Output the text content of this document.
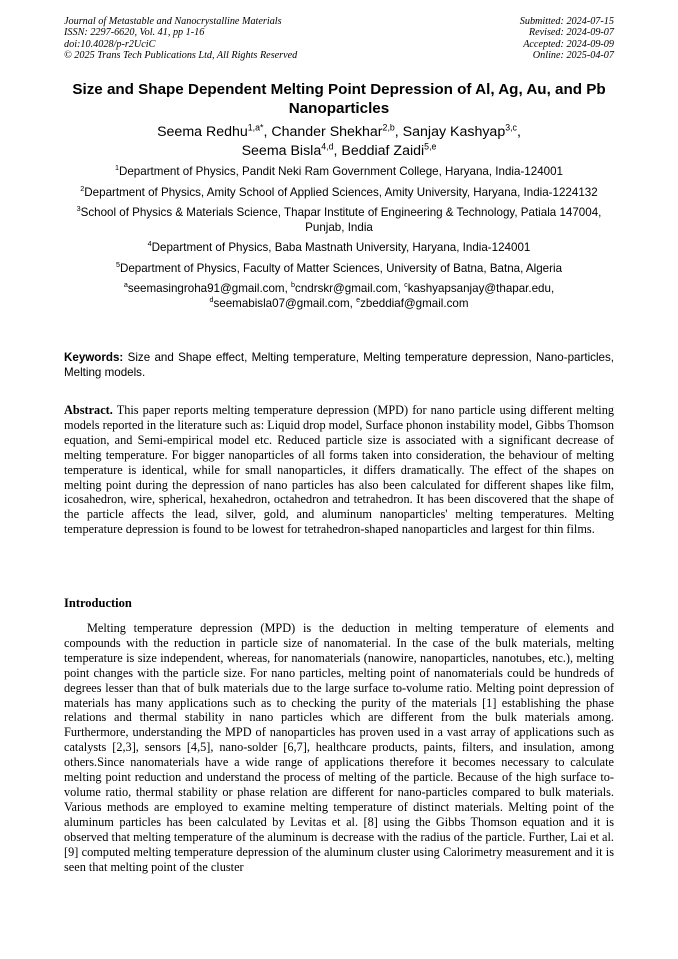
Journal of Metastable and Nanocrystalline Materials
ISSN: 2297-6620, Vol. 41, pp 1-16
doi:10.4028/p-r2UciC
© 2025 Trans Tech Publications Ltd, All Rights Reserved
Submitted: 2024-07-15
Revised: 2024-09-07
Accepted: 2024-09-09
Online: 2025-04-07
Size and Shape Dependent Melting Point Depression of Al, Ag, Au, and Pb Nanoparticles
Seema Redhu$^{1,a*}$, Chander Shekhar$^{2,b}$, Sanjay Kashyap$^{3,c}$,
Seema Bisla$^{4,d}$, Beddiaf Zaidi$^{5,e}$
$^1$Department of Physics, Pandit Neki Ram Government College, Haryana, India-124001
$^2$Department of Physics, Amity School of Applied Sciences, Amity University, Haryana, India-1224132
$^3$School of Physics & Materials Science, Thapar Institute of Engineering & Technology, Patiala 147004, Punjab, India
$^4$Department of Physics, Baba Mastnath University, Haryana, India-124001
$^5$Department of Physics, Faculty of Matter Sciences, University of Batna, Batna, Algeria
$^a$seemasingroha91@gmail.com, $^b$cndrskr@gmail.com, $^c$kashyapsanjay@thapar.edu,
$^d$seemabisla07@gmail.com, $^e$zbeddiaf@gmail.com
Keywords: Size and Shape effect, Melting temperature, Melting temperature depression, Nano-particles, Melting models.
Abstract. This paper reports melting temperature depression (MPD) for nano particle using different melting models reported in the literature such as: Liquid drop model, Surface phonon instability model, Gibbs Thomson equation, and Semi-empirical model etc. Reduced particle size is associated with a significant decrease of melting temperature. For bigger nanoparticles of all forms taken into consideration, the behaviour of melting temperature is identical, while for small nanoparticles, it differs dramatically. The effect of the shapes on melting point during the depression of nano particles has also been calculated for different shapes like film, icosahedron, wire, spherical, hexahedron, octahedron and tetrahedron. It has been discovered that the shape of the particle affects the lead, silver, gold, and aluminum nanoparticles' melting temperatures. Melting temperature depression is found to be lowest for tetrahedron-shaped nanoparticles and largest for thin films.
Introduction
Melting temperature depression (MPD) is the deduction in melting temperature of elements and compounds with the reduction in particle size of nanomaterial. In the case of the bulk materials, melting temperature is size independent, whereas, for nanomaterials (nanowire, nanoparticles, nanotubes, etc.), melting point changes with the particle size. For nano particles, melting point of nanomaterials could be hundreds of degrees lesser than that of bulk materials due to the large surface to-volume ratio. Melting point depression of materials has many applications such as to checking the purity of the materials [1] establishing the phase relations and thermal stability in nano particles which are different from the bulk materials among. Furthermore, understanding the MPD of nanoparticles has proven used in a vast array of applications such as catalysts [2,3], sensors [4,5], nano-solder [6,7], healthcare products, paints, filters, and insulation, among others.Since nanomaterials have a wide range of applications therefore it becomes necessary to calculate melting point reduction and understand the process of melting of the particle. Because of the high surface to-volume ratio, thermal stability or phase relation are different for nano-particles compared to bulk materials. Various methods are employed to examine melting temperature of distinct materials. Melting point of the aluminum particles has been calculated by Levitas et al. [8] using the Gibbs Thomson equation and it is observed that melting temperature of the aluminum is decrease with the radius of the particle. Further, Lai et al. [9] computed melting temperature depression of the aluminum cluster using Calorimetry measurement and it is seen that melting point of the cluster
